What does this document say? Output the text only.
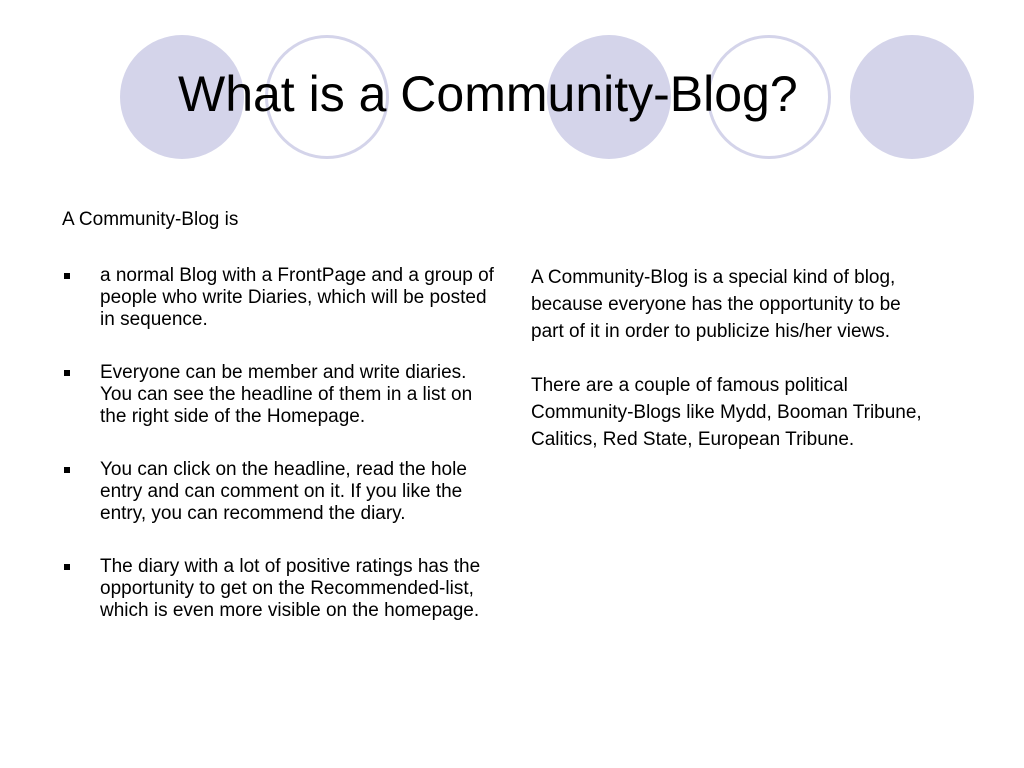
What is a Community-Blog?

A Community-Blog is

a normal Blog with a FrontPage and a group of people who write Diaries, which will be posted in sequence.
Everyone can be member and write diaries. You can see the headline of them in a list on the right side of the Homepage.
You can click on the headline, read the hole entry and can comment on it. If you like the entry, you can recommend the diary.
The diary with a lot of positive ratings has the opportunity to get on the Recommended-list, which is even more visible on the homepage.

A Community-Blog is a special kind of blog, because everyone has the opportunity to be part of it in order to publicize his/her views.

There are a couple of famous political Community-Blogs like Mydd, Booman Tribune, Calitics, Red State, European Tribune.
